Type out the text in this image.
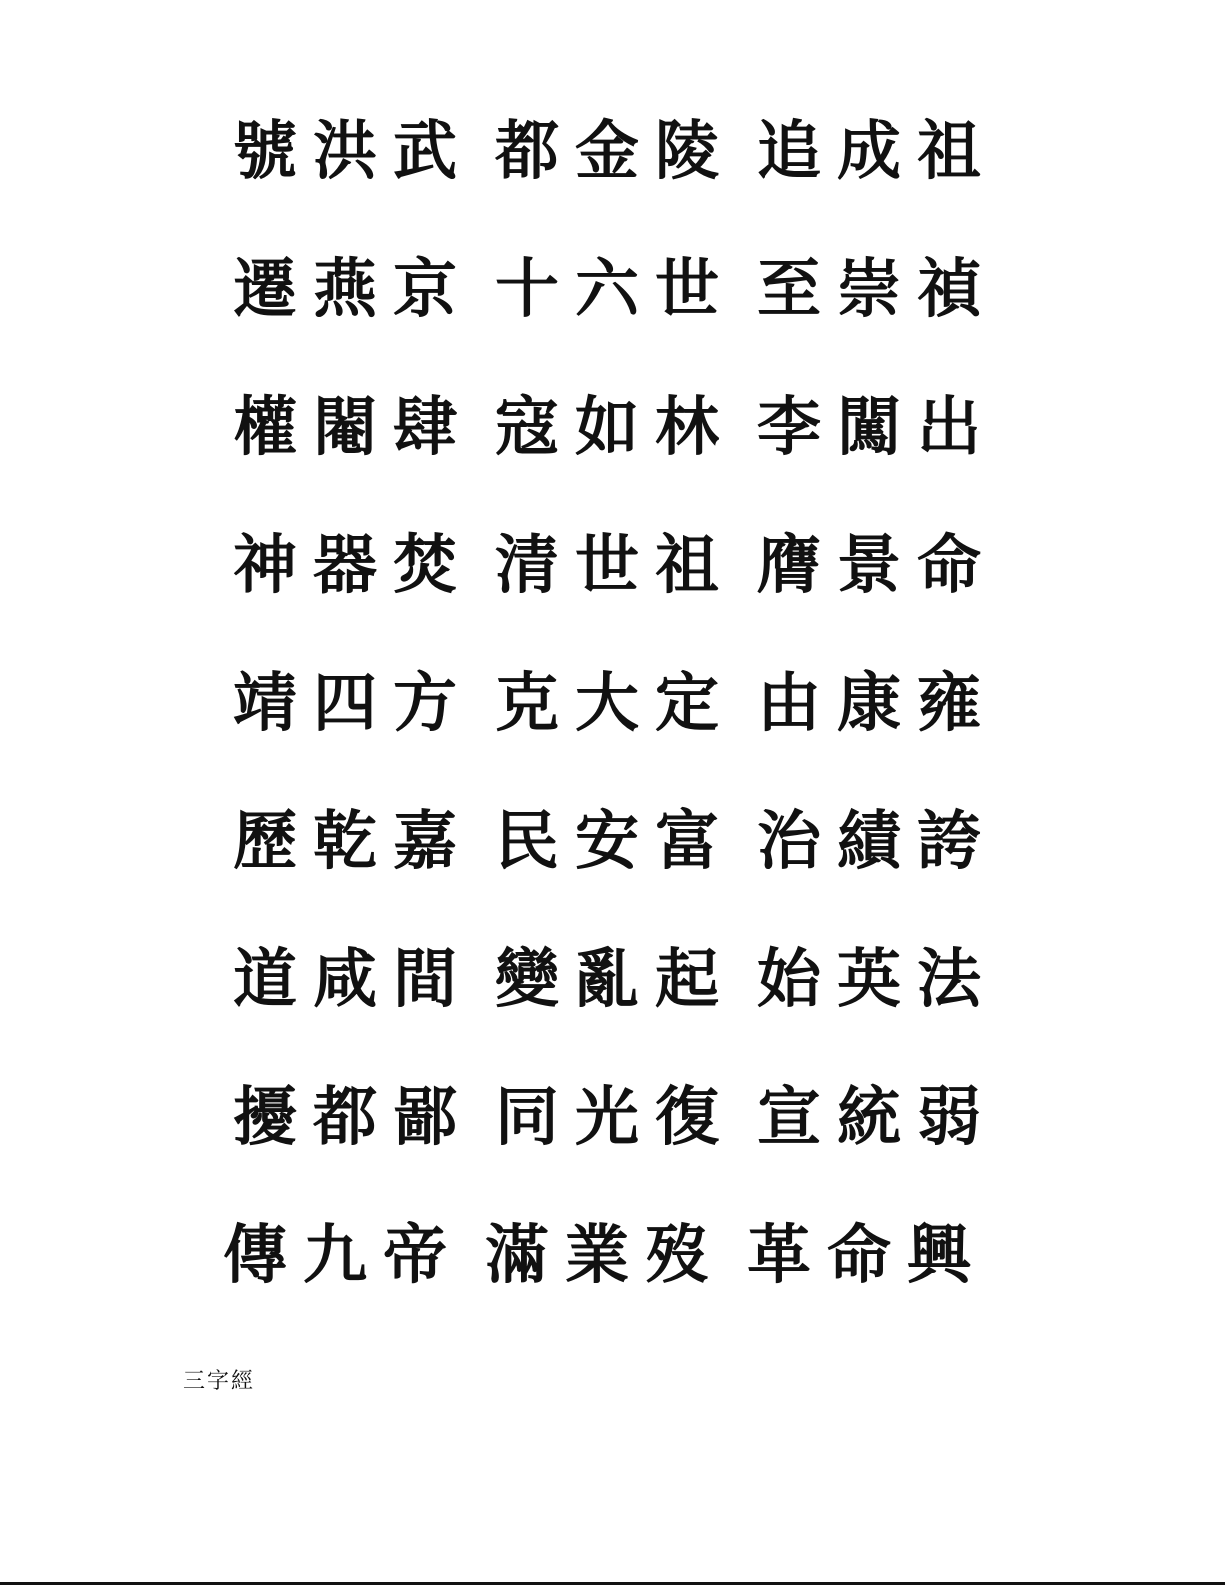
號 洪 武 都 金 陵 追 成 祖
遷 燕 京 十 六 世 至 崇 禎
權 閹 肆 寇 如 林 李 闖 出
神 器 焚 清 世 祖 膺 景 命
靖 四 方 克 大 定 由 康 雍
歷 乾 嘉 民 安 富 治 績 誇
道 咸 間 變 亂 起 始 英 法
擾 都 鄙 同 光 復 宣 統 弱
傳 九 帝 滿 業 歿 革 命 興
三字經
